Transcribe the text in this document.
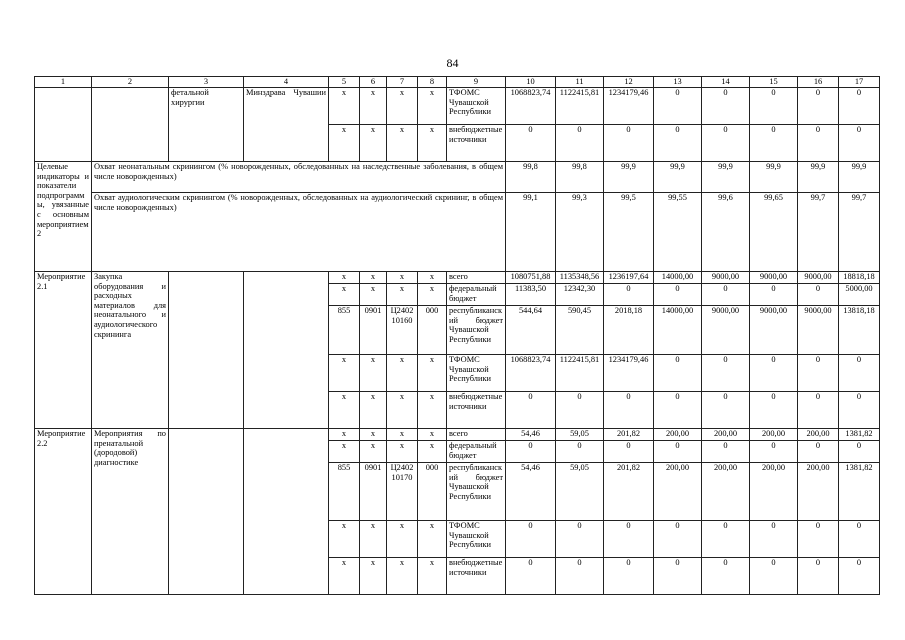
84
1	2	3	4	5	6	7	8	9	10	11	12	13	14	15	16	17
		фетальной хирургии	Минздрава Чувашии	х	х	х	х	ТФОМС Чувашской Республики	1068823,74	1122415,81	1234179,46	0	0	0	0	0
				х	х	х	х	внебюджетные источники	0	0	0	0	0	0	0	0
Целевые индикаторы и показатели подпрограммы, увязанные с основным мероприятием 2	Охват неонатальным скринингом (% новорожденных, обследованных на наследственные заболевания, в общем числе новорожденных)								99,8	99,8	99,9	99,9	99,9	99,9	99,9	99,9
	Охват аудиологическим скринингом (% новорожденных, обследованных на аудиологический скрининг, в общем числе новорожденных)								99,1	99,3	99,5	99,55	99,6	99,65	99,7	99,7
Мероприятие 2.1	Закупка оборудования и расходных материалов для неонатального и аудиологического скрининга			х	х	х	х	всего	1080751,88	1135348,56	1236197,64	14000,00	9000,00	9000,00	9000,00	18818,18
				х	х	х	х	федеральный бюджет	11383,50	12342,30	0	0	0	0	0	5000,00
				855	0901	Ц2402 10160	000	республиканский бюджет Чувашской Республики	544,64	590,45	2018,18	14000,00	9000,00	9000,00	9000,00	13818,18
				х	х	х	х	ТФОМС Чувашской Республики	1068823,74	1122415,81	1234179,46	0	0	0	0	0
				х	х	х	х	внебюджетные источники	0	0	0	0	0	0	0	0
Мероприятие 2.2	Мероприятия по пренатальной (дородовой) диагностике			х	х	х	х	всего	54,46	59,05	201,82	200,00	200,00	200,00	200,00	1381,82
				х	х	х	х	федеральный бюджет	0	0	0	0	0	0	0	0
				855	0901	Ц2402 10170	000	республиканский бюджет Чувашской Республики	54,46	59,05	201,82	200,00	200,00	200,00	200,00	1381,82
				х	х	х	х	ТФОМС Чувашской Республики	0	0	0	0	0	0	0	0
				х	х	х	х	внебюджетные источники	0	0	0	0	0	0	0	0
